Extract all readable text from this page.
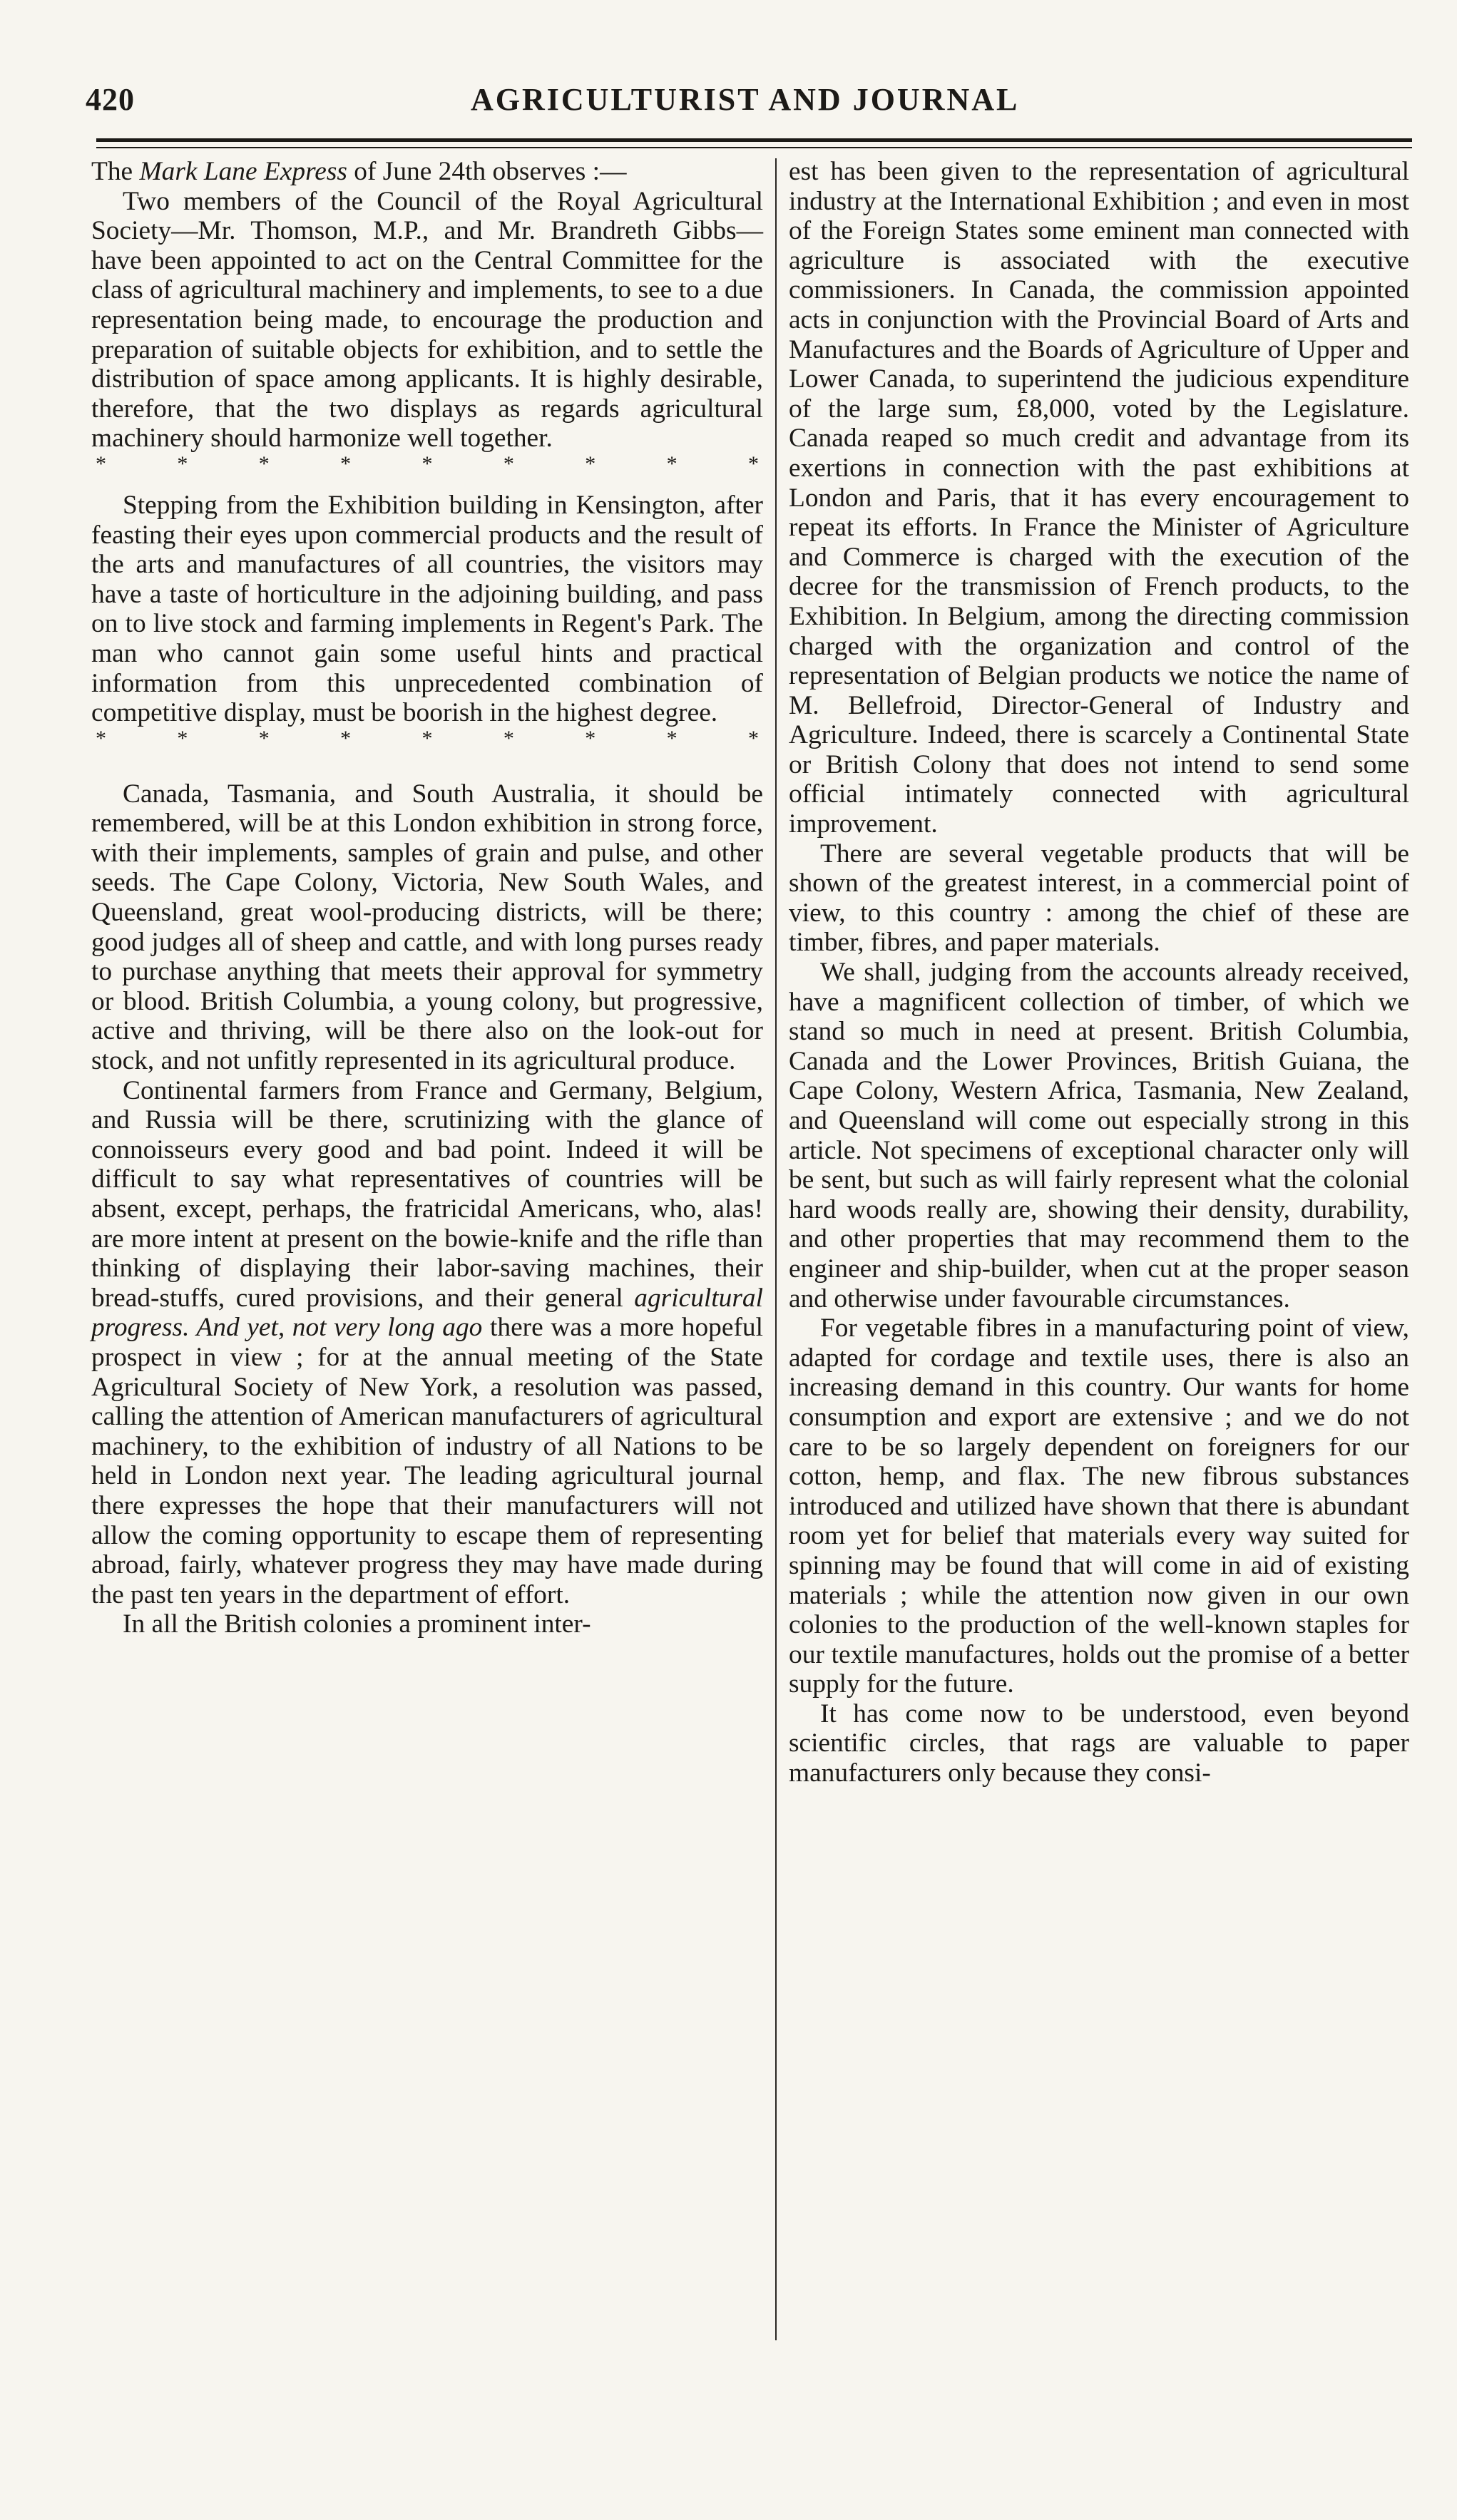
420	AGRICULTURIST AND JOURNAL

The Mark Lane Express of June 24th observes :—

Two members of the Council of the Royal Agricultural Society—Mr. Thomson, M.P., and Mr. Brandreth Gibbs— have been appointed to act on the Central Committee for the class of agricultural machinery and implements, to see to a due representation being made, to encourage the production and preparation of suitable objects for exhibition, and to settle the distribution of space among applicants. It is highly desirable, therefore, that the two displays as regards agricultural machinery should harmonize well together.

*	*	*	*	*	*	*	*	*

Stepping from the Exhibition building in Kensington, after feasting their eyes upon commercial products and the result of the arts and manufactures of all countries, the visitors may have a taste of horticulture in the adjoining building, and pass on to live stock and farming implements in Regent's Park. The man who cannot gain some useful hints and practical information from this unprecedented combination of competitive display, must be boorish in the highest degree.

*	*	*	*	*	*	*	*	*

Canada, Tasmania, and South Australia, it should be remembered, will be at this London exhibition in strong force, with their implements, samples of grain and pulse, and other seeds. The Cape Colony, Victoria, New South Wales, and Queensland, great wool-producing districts, will be there; good judges all of sheep and cattle, and with long purses ready to purchase anything that meets their approval for symmetry or blood. British Columbia, a young colony, but progressive, active and thriving, will be there also on the look-out for stock, and not unfitly represented in its agricultural produce.

Continental farmers from France and Germany, Belgium, and Russia will be there, scrutinizing with the glance of connoisseurs every good and bad point. Indeed it will be difficult to say what representatives of countries will be absent, except, perhaps, the fratricidal Americans, who, alas! are more intent at present on the bowie-knife and the rifle than thinking of displaying their labor-saving machines, their bread-stuffs, cured provisions, and their general agricultural progress. And yet, not very long ago there was a more hopeful prospect in view ; for at the annual meeting of the State Agricultural Society of New York, a resolution was passed, calling the attention of American manufacturers of agricultural machinery, to the exhibition of industry of all Nations to be held in London next year. The leading agricultural journal there expresses the hope that their manufacturers will not allow the coming opportunity to escape them of representing abroad, fairly, whatever progress they may have made during the past ten years in the department of effort.

In all the British colonies a prominent inter-

est has been given to the representation of agricultural industry at the International Exhibition ; and even in most of the Foreign States some eminent man connected with agriculture is associated with the executive commissioners. In Canada, the commission appointed acts in conjunction with the Provincial Board of Arts and Manufactures and the Boards of Agriculture of Upper and Lower Canada, to superintend the judicious expenditure of the large sum, £8,000, voted by the Legislature. Canada reaped so much credit and advantage from its exertions in connection with the past exhibitions at London and Paris, that it has every encouragement to repeat its efforts. In France the Minister of Agriculture and Commerce is charged with the execution of the decree for the transmission of French products, to the Exhibition. In Belgium, among the directing commission charged with the organization and control of the representation of Belgian products we notice the name of M. Bellefroid, Director-General of Industry and Agriculture. Indeed, there is scarcely a Continental State or British Colony that does not intend to send some official intimately connected with agricultural improvement.

There are several vegetable products that will be shown of the greatest interest, in a commercial point of view, to this country : among the chief of these are timber, fibres, and paper materials.

We shall, judging from the accounts already received, have a magnificent collection of timber, of which we stand so much in need at present. British Columbia, Canada and the Lower Provinces, British Guiana, the Cape Colony, Western Africa, Tasmania, New Zealand, and Queensland will come out especially strong in this article. Not specimens of exceptional character only will be sent, but such as will fairly represent what the colonial hard woods really are, showing their density, durability, and other properties that may recommend them to the engineer and ship-builder, when cut at the proper season and otherwise under favourable circumstances.

For vegetable fibres in a manufacturing point of view, adapted for cordage and textile uses, there is also an increasing demand in this country. Our wants for home consumption and export are extensive ; and we do not care to be so largely dependent on foreigners for our cotton, hemp, and flax. The new fibrous substances introduced and utilized have shown that there is abundant room yet for belief that materials every way suited for spinning may be found that will come in aid of existing materials ; while the attention now given in our own colonies to the production of the well-known staples for our textile manufactures, holds out the promise of a better supply for the future.

It has come now to be understood, even beyond scientific circles, that rags are valuable to paper manufacturers only because they consi-
